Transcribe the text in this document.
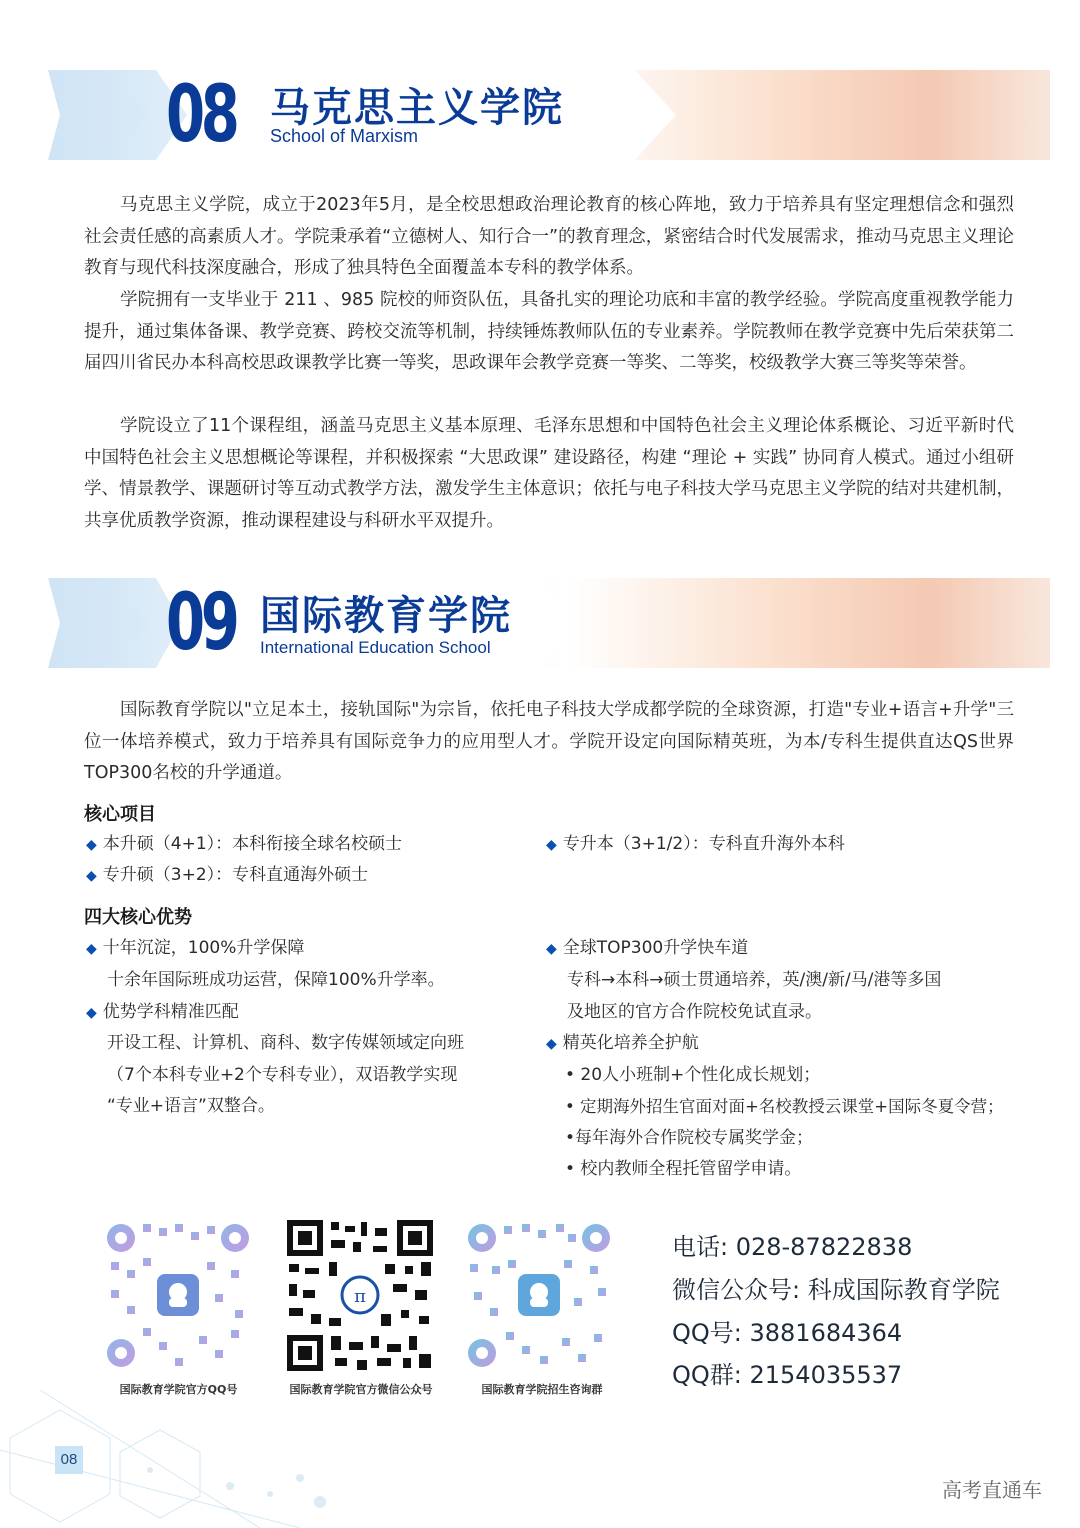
08 马克思主义学院
School of Marxism

马克思主义学院，成立于2023年5月，是全校思想政治理论教育的核心阵地，致力于培养具有坚定理想信念和强烈社会责任感的高素质人才。学院秉承着“立德树人、知行合一”的教育理念，紧密结合时代发展需求，推动马克思主义理论教育与现代科技深度融合，形成了独具特色全面覆盖本专科的教学体系。

学院拥有一支毕业于 211 、985 院校的师资队伍，具备扎实的理论功底和丰富的教学经验。学院高度重视教学能力提升，通过集体备课、教学竞赛、跨校交流等机制，持续锤炼教师队伍的专业素养。学院教师在教学竞赛中先后荣获第二届四川省民办本科高校思政课教学比赛一等奖，思政课年会教学竞赛一等奖、二等奖，校级教学大赛三等奖等荣誉。

学院设立了11个课程组，涵盖马克思主义基本原理、毛泽东思想和中国特色社会主义理论体系概论、习近平新时代中国特色社会主义思想概论等课程，并积极探索 “大思政课” 建设路径，构建 “理论 + 实践” 协同育人模式。通过小组研学、情景教学、课题研讨等互动式教学方法，激发学生主体意识；依托与电子科技大学马克思主义学院的结对共建机制，共享优质教学资源，推动课程建设与科研水平双提升。

09 国际教育学院
International Education School

国际教育学院以"立足本土，接轨国际"为宗旨，依托电子科技大学成都学院的全球资源，打造"专业+语言+升学"三位一体培养模式，致力于培养具有国际竞争力的应用型人才。学院开设定向国际精英班，为本/专科生提供直达QS世界TOP300名校的升学通道。

核心项目
◆ 本升硕（4+1）：本科衔接全球名校硕士	◆ 专升本（3+1/2）：专科直升海外本科
◆ 专升硕（3+2）：专科直通海外硕士
四大核心优势
◆ 十年沉淀，100%升学保障
十余年国际班成功运营，保障100%升学率。
◆ 优势学科精准匹配
开设工程、计算机、商科、数字传媒领域定向班
（7个本科专业+2个专科专业），双语教学实现
“专业+语言”双整合。
◆ 全球TOP300升学快车道
专科→本科→硕士贯通培养，英/澳/新/马/港等多国
及地区的官方合作院校免试直录。
◆ 精英化培养全护航
• 20人小班制+个性化成长规划；
• 定期海外招生官面对面+名校教授云课堂+国际冬夏令营；
•每年海外合作院校专属奖学金；
• 校内教师全程托管留学申请。
国际教育学院官方QQ号
π
国际教育学院官方微信公众号	国际教育学院招生咨询群
电话: 028-87822838
微信公众号: 科成国际教育学院
QQ号: 3881684364
QQ群: 2154035537
08
高考直通车
